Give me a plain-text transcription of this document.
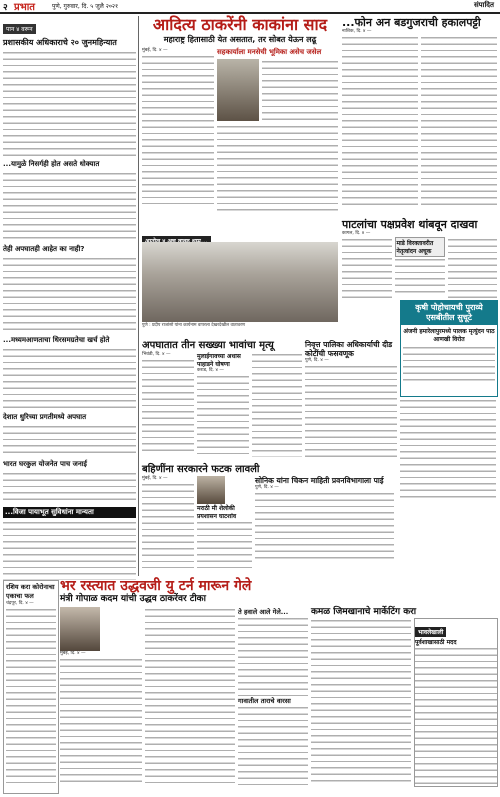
२ प्रभात	पुणे, गुरुवार, दि. ५ जुलै २०२१	संपादित
पान ४ वरून
प्रशासकीय अधिकाराचे २० जुनमहिन्यात
...यामुळे निसर्गही होत असते धोक्यात
तेही अपघातही आहेत का नाही?
...मध्यमआणताचा धिरसमग्रतेचा खर्च होते
देशात धुरिच्या प्रगतीमध्ये अपघात
भारत घरकुल योजनेत पाच जनाई
...विजा पायाभूत सुविधांना मान्यता
रशिय करा कोरोनाचा एकाचा फल
चंद्रपूर, दि. ४ —
आदित्य ठाकरेंनी काकांना साद
महाराष्ट्र हितासाठी येत असतात, तर सोबत येऊन लढू
मुंबई, दि. ४ —	सहकार्याला मनसेची भूमिका असेच जसेल
...फोन अन बडगुजराची हकालपट्टी
नाशिक, दि. ४ —
पुणे : प्रदीप राजांसो यांना कार्यनाम वापरला देखरदेखील वातावरण
पाटलांचा पक्षप्रवेश थांबवून दाखवा
कागल, दि. ४ —
माडे विरक्तावरीत नेतृत्वांदन अचूक
कृषी पोहोचायची पुराव्ये एसबीतील सुचूटे
अंजनी हमारेलापुरमध्ये पालक मृत्युंदन पाठ आणखी विरोत
अपघातात तीन सख्ख्या भावांचा मृत्यू
भिवंडी, दि. ४ —	मुलाईगावच्या अधास पाहाडने घोषणा
कराड, दि. ४ —
निवृत्त पालिका अधिकार्याची दीड कोटींची फसवणूक
पुणे, दि. ४ —
बहिणींना सरकारने फटक लावली
मुंबई, दि. ४ —
मराठी मी शेलोकी प्रयशासन घाटशांव
सोनिक यांना चिकन माहिती प्रवनविभागाला पाई
पुणे, दि. ४ —
भर रस्त्यात उद्धवजी यु टर्न मारून गेले
मंत्री गोपाळ कदम यांची उद्धव ठाकरेंवर टीका
मुंबई, दि. ४ —
ते हवाले आले गेले...
गावातील ताराचे वारसा
कमळ जिमखानाचे मार्केटिंग करा
भावलेखाली
पूर्वशाखासाठी मदद
